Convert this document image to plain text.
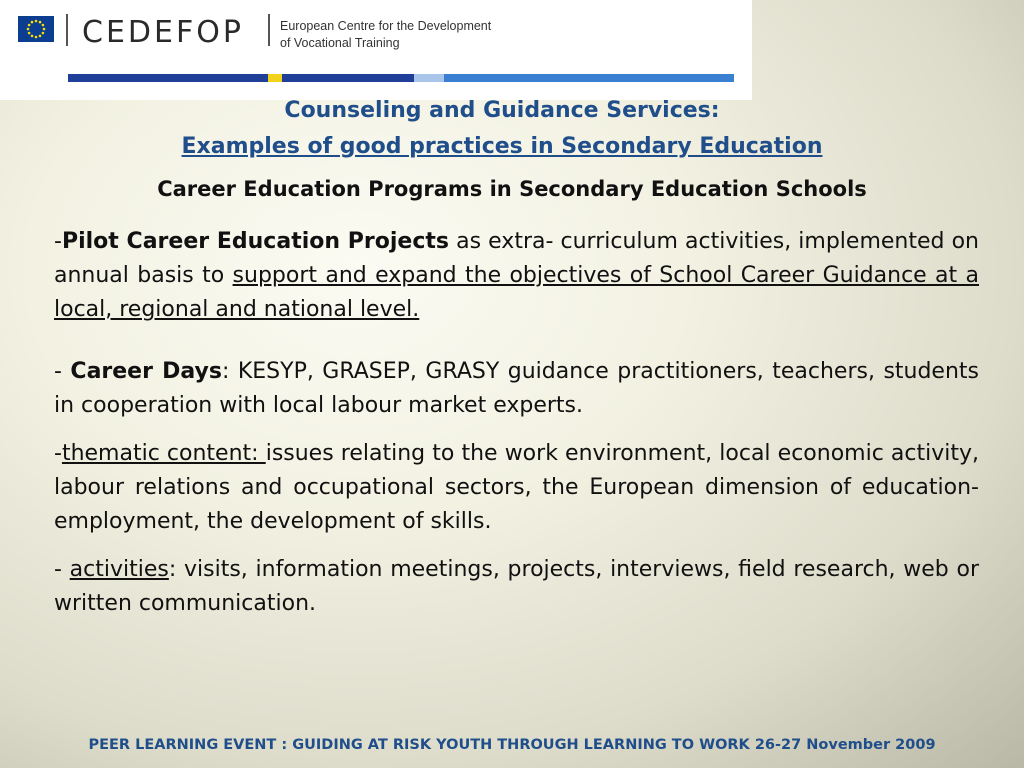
CEDEFOP	European Centre for the Development
of Vocational Training
Counseling and Guidance Services:
Examples of good practices in Secondary Education
Career Education Programs in Secondary Education Schools

-Pilot Career Education Projects as extra- curriculum activities, implemented on annual basis to support and expand the objectives of School Career Guidance at a local, regional and national level.

- Career Days: KESYP, GRASEP, GRASY guidance practitioners, teachers, students in cooperation with local labour market experts.

-thematic content: issues relating to the work environment, local economic activity, labour relations and occupational sectors, the European dimension of education-employment, the development of skills.

- activities: visits, information meetings, projects, interviews, field research, web or written communication.

PEER LEARNING EVENT : GUIDING AT RISK YOUTH THROUGH LEARNING TO WORK 26-27 November 2009
